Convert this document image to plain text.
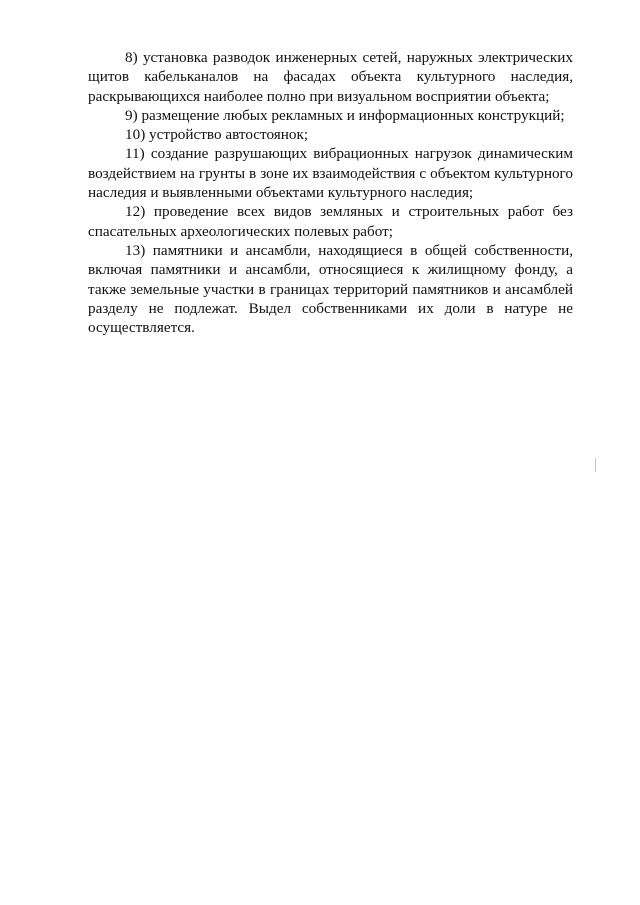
8) установка разводок инженерных сетей, наружных электрических щитов кабельканалов на фасадах объекта культурного наследия, раскрывающихся наиболее полно при визуальном восприятии объекта;

9) размещение любых рекламных и информационных конструкций;

10) устройство автостоянок;

11) создание разрушающих вибрационных нагрузок динамическим воздействием на грунты в зоне их взаимодействия с объектом культурного наследия и выявленными объектами культурного наследия;

12) проведение всех видов земляных и строительных работ без спасательных археологических полевых работ;

13) памятники и ансамбли, находящиеся в общей собственности, включая памятники и ансамбли, относящиеся к жилищному фонду, а также земельные участки в границах территорий памятников и ансамблей разделу не подлежат. Выдел собственниками их доли в натуре не осуществляется.
